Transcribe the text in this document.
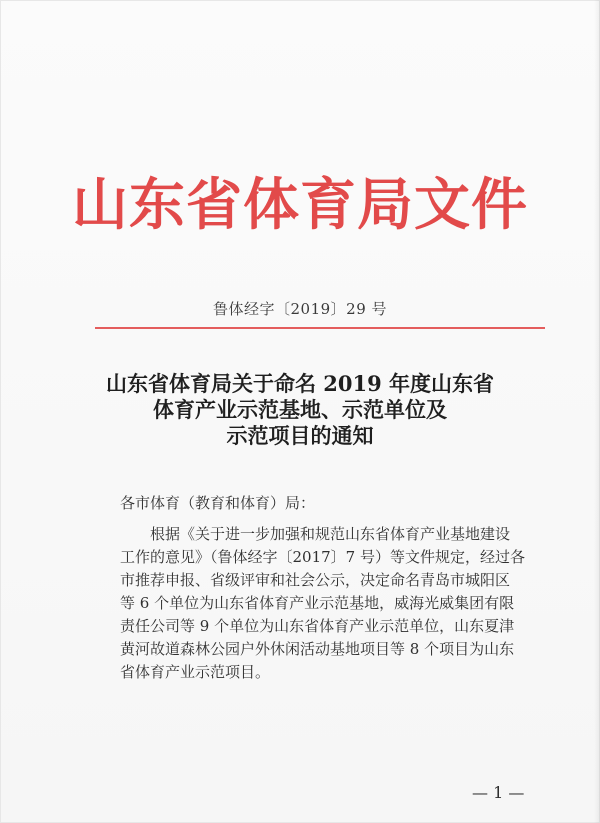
山东省体育局文件
鲁体经字〔2019〕29 号
山东省体育局关于命名 2019 年度山东省
体育产业示范基地、示范单位及
示范项目的通知
各市体育（教育和体育）局：
　　根据《关于进一步加强和规范山东省体育产业基地建设
工作的意见》（鲁体经字〔2017〕7 号）等文件规定，经过各
市推荐申报、省级评审和社会公示，决定命名青岛市城阳区
等 6 个单位为山东省体育产业示范基地，威海光威集团有限
责任公司等 9 个单位为山东省体育产业示范单位，山东夏津
黄河故道森林公园户外休闲活动基地项目等 8 个项目为山东
省体育产业示范项目。
— 1 —
